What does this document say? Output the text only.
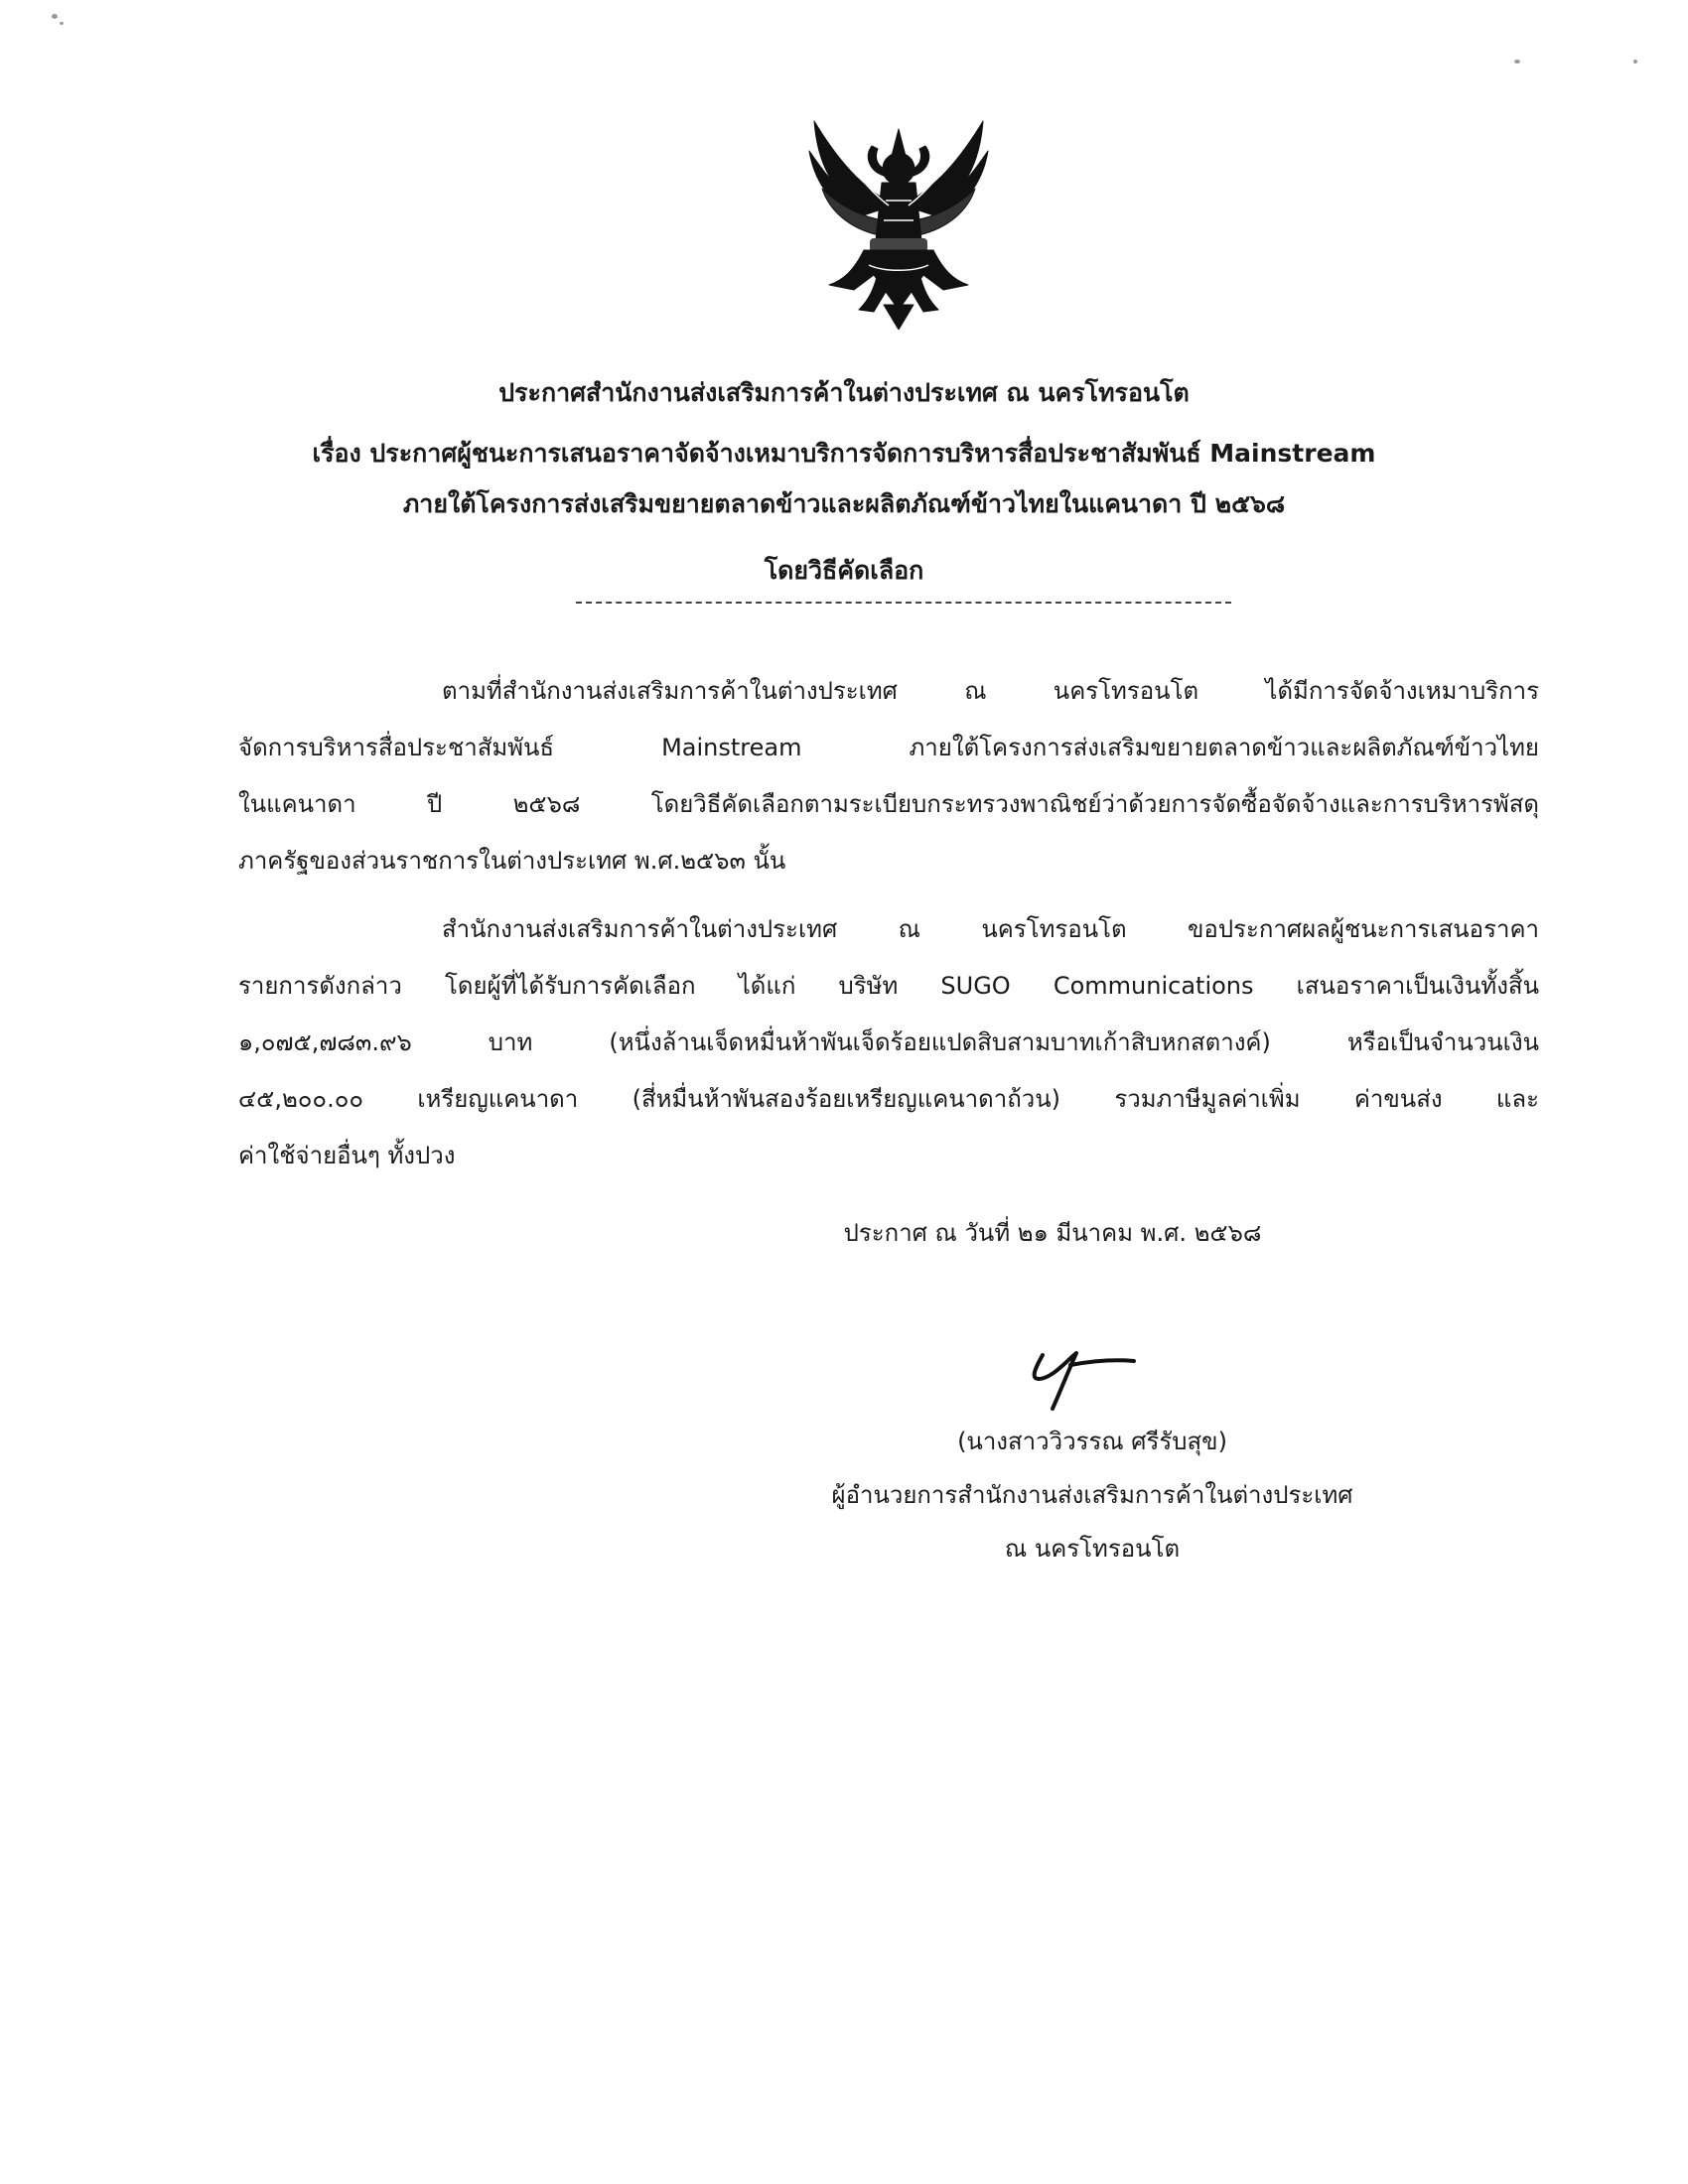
ประกาศสำนักงานส่งเสริมการค้าในต่างประเทศ ณ นครโทรอนโต
เรื่อง ประกาศผู้ชนะการเสนอราคาจัดจ้างเหมาบริการจัดการบริหารสื่อประชาสัมพันธ์ Mainstream
ภายใต้โครงการส่งเสริมขยายตลาดข้าวและผลิตภัณฑ์ข้าวไทยในแคนาดา ปี ๒๕๖๘
โดยวิธีคัดเลือก
ตามที่สำนักงานส่งเสริมการค้าในต่างประเทศ ณ นครโทรอนโต ได้มีการจัดจ้างเหมาบริการ
จัดการบริหารสื่อประชาสัมพันธ์ Mainstream ภายใต้โครงการส่งเสริมขยายตลาดข้าวและผลิตภัณฑ์ข้าวไทย
ในแคนาดา ปี ๒๕๖๘ โดยวิธีคัดเลือกตามระเบียบกระทรวงพาณิชย์ว่าด้วยการจัดซื้อจัดจ้างและการบริหารพัสดุ
ภาครัฐของส่วนราชการในต่างประเทศ พ.ศ.๒๕๖๓ นั้น
สำนักงานส่งเสริมการค้าในต่างประเทศ ณ นครโทรอนโต ขอประกาศผลผู้ชนะการเสนอราคา
รายการดังกล่าว โดยผู้ที่ได้รับการคัดเลือก ได้แก่ บริษัท SUGO Communications เสนอราคาเป็นเงินทั้งสิ้น
๑,๐๗๕,๗๘๓.๙๖ บาท (หนึ่งล้านเจ็ดหมื่นห้าพันเจ็ดร้อยแปดสิบสามบาทเก้าสิบหกสตางค์) หรือเป็นจำนวนเงิน
๔๕,๒๐๐.๐๐ เหรียญแคนาดา (สี่หมื่นห้าพันสองร้อยเหรียญแคนาดาถ้วน) รวมภาษีมูลค่าเพิ่ม ค่าขนส่ง และ
ค่าใช้จ่ายอื่นๆ ทั้งปวง
ประกาศ ณ วันที่ ๒๑ มีนาคม พ.ศ. ๒๕๖๘
(นางสาววิวรรณ ศรีรับสุข)
ผู้อำนวยการสำนักงานส่งเสริมการค้าในต่างประเทศ
ณ นครโทรอนโต
